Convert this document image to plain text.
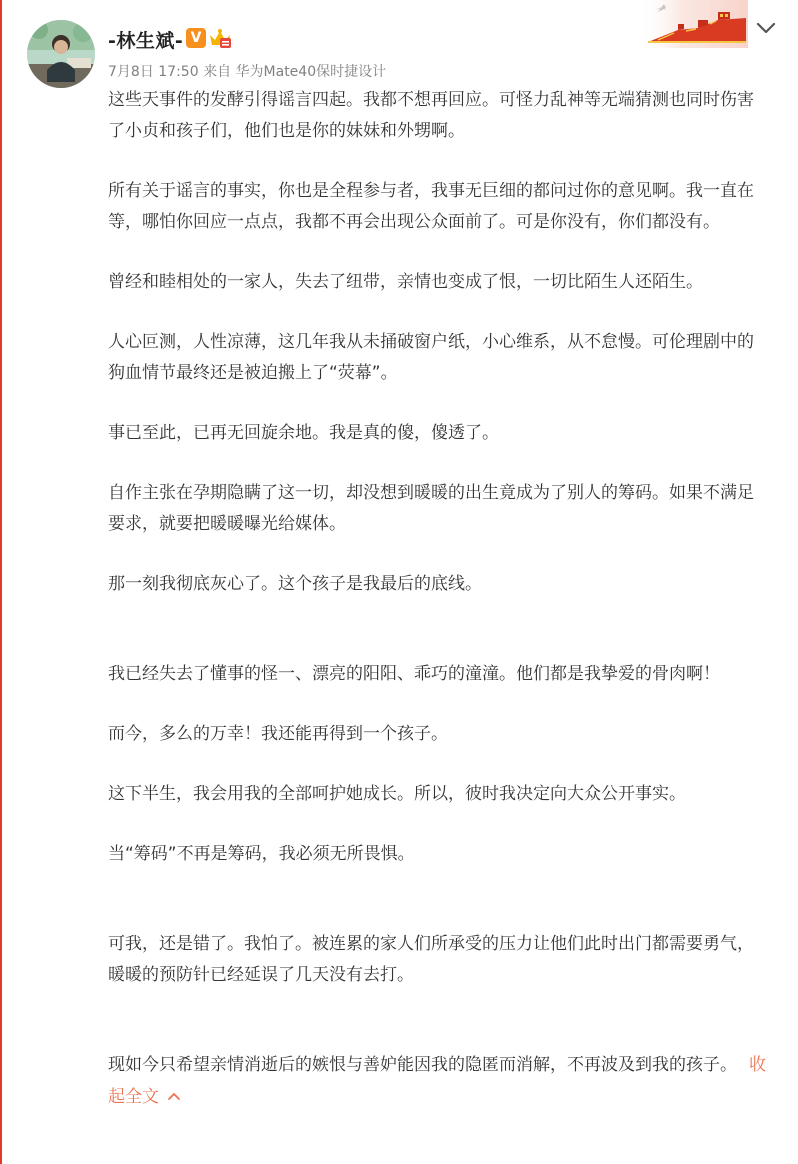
-林生斌- V
7月8日 17:50 来自 华为Mate40保时捷设计

这些天事件的发酵引得谣言四起。我都不想再回应。可怪力乱神等无端猜测也同时伤害了小贞和孩子们，他们也是你的妹妹和外甥啊。

所有关于谣言的事实，你也是全程参与者，我事无巨细的都问过你的意见啊。我一直在等，哪怕你回应一点点，我都不再会出现公众面前了。可是你没有，你们都没有。

曾经和睦相处的一家人，失去了纽带，亲情也变成了恨，一切比陌生人还陌生。

人心叵测，人性凉薄，这几年我从未捅破窗户纸，小心维系，从不怠慢。可伦理剧中的狗血情节最终还是被迫搬上了“荧幕”。

事已至此，已再无回旋余地。我是真的傻，傻透了。

自作主张在孕期隐瞒了这一切，却没想到暖暖的出生竟成为了别人的筹码。如果不满足要求，就要把暖暖曝光给媒体。

那一刻我彻底灰心了。这个孩子是我最后的底线。

我已经失去了懂事的怪一、漂亮的阳阳、乖巧的潼潼。他们都是我挚爱的骨肉啊！

而今，多么的万幸！我还能再得到一个孩子。

这下半生，我会用我的全部呵护她成长。所以，彼时我决定向大众公开事实。

当“筹码”不再是筹码，我必须无所畏惧。

可我，还是错了。我怕了。被连累的家人们所承受的压力让他们此时出门都需要勇气，暖暖的预防针已经延误了几天没有去打。

现如今只希望亲情消逝后的嫉恨与善妒能因我的隐匿而消解，不再波及到我的孩子。 收起全文
